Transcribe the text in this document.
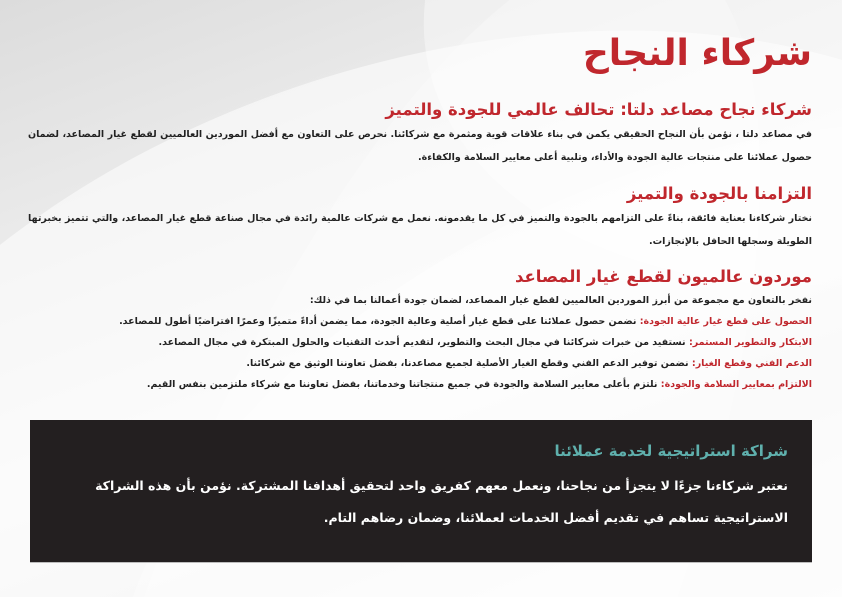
شركاء النجاح
شركاء نجاح مصاعد دلتا: تحالف عالمي للجودة والتميز

في مصاعد دلتا ، نؤمن بأن النجاح الحقيقي يكمن في بناء علاقات قوية ومثمرة مع شركائنا. نحرص على التعاون مع أفضل الموردين العالميين لقطع غيار المصاعد، لضمان حصول عملائنا على منتجات عالية الجودة والأداء، وتلبية أعلى معايير السلامة والكفاءة.

التزامنا بالجودة والتميز

نختار شركاءنا بعناية فائقة، بناءً على التزامهم بالجودة والتميز في كل ما يقدمونه. نعمل مع شركات عالمية رائدة في مجال صناعة قطع غيار المصاعد، والتي تتميز بخبرتها الطويلة وسجلها الحافل بالإنجازات.

موردون عالميون لقطع غيار المصاعد

نفخر بالتعاون مع مجموعة من أبرز الموردين العالميين لقطع غيار المصاعد، لضمان جودة أعمالنا بما في ذلك:

الحصول على قطع غيار عالية الجودة: نضمن حصول عملائنا على قطع غيار أصلية وعالية الجودة، مما يضمن أداءً متميزًا وعمرًا افتراضيًا أطول للمصاعد.
الابتكار والتطوير المستمر: نستفيد من خبرات شركائنا في مجال البحث والتطوير، لتقديم أحدث التقنيات والحلول المبتكرة في مجال المصاعد.
الدعم الفني وقطع الغيار: نضمن توفير الدعم الفني وقطع الغيار الأصلية لجميع مصاعدنا، بفضل تعاوننا الوثيق مع شركائنا.
الالتزام بمعايير السلامة والجودة: نلتزم بأعلى معايير السلامة والجودة في جميع منتجاتنا وخدماتنا، بفضل تعاوننا مع شركاء ملتزمين بنفس القيم.
شراكة استراتيجية لخدمة عملائنا

نعتبر شركاءنا جزءًا لا يتجزأ من نجاحنا، ونعمل معهم كفريق واحد لتحقيق أهدافنا المشتركة. نؤمن بأن هذه الشراكة الاستراتيجية تساهم في تقديم أفضل الخدمات لعملائنا، وضمان رضاهم التام.
